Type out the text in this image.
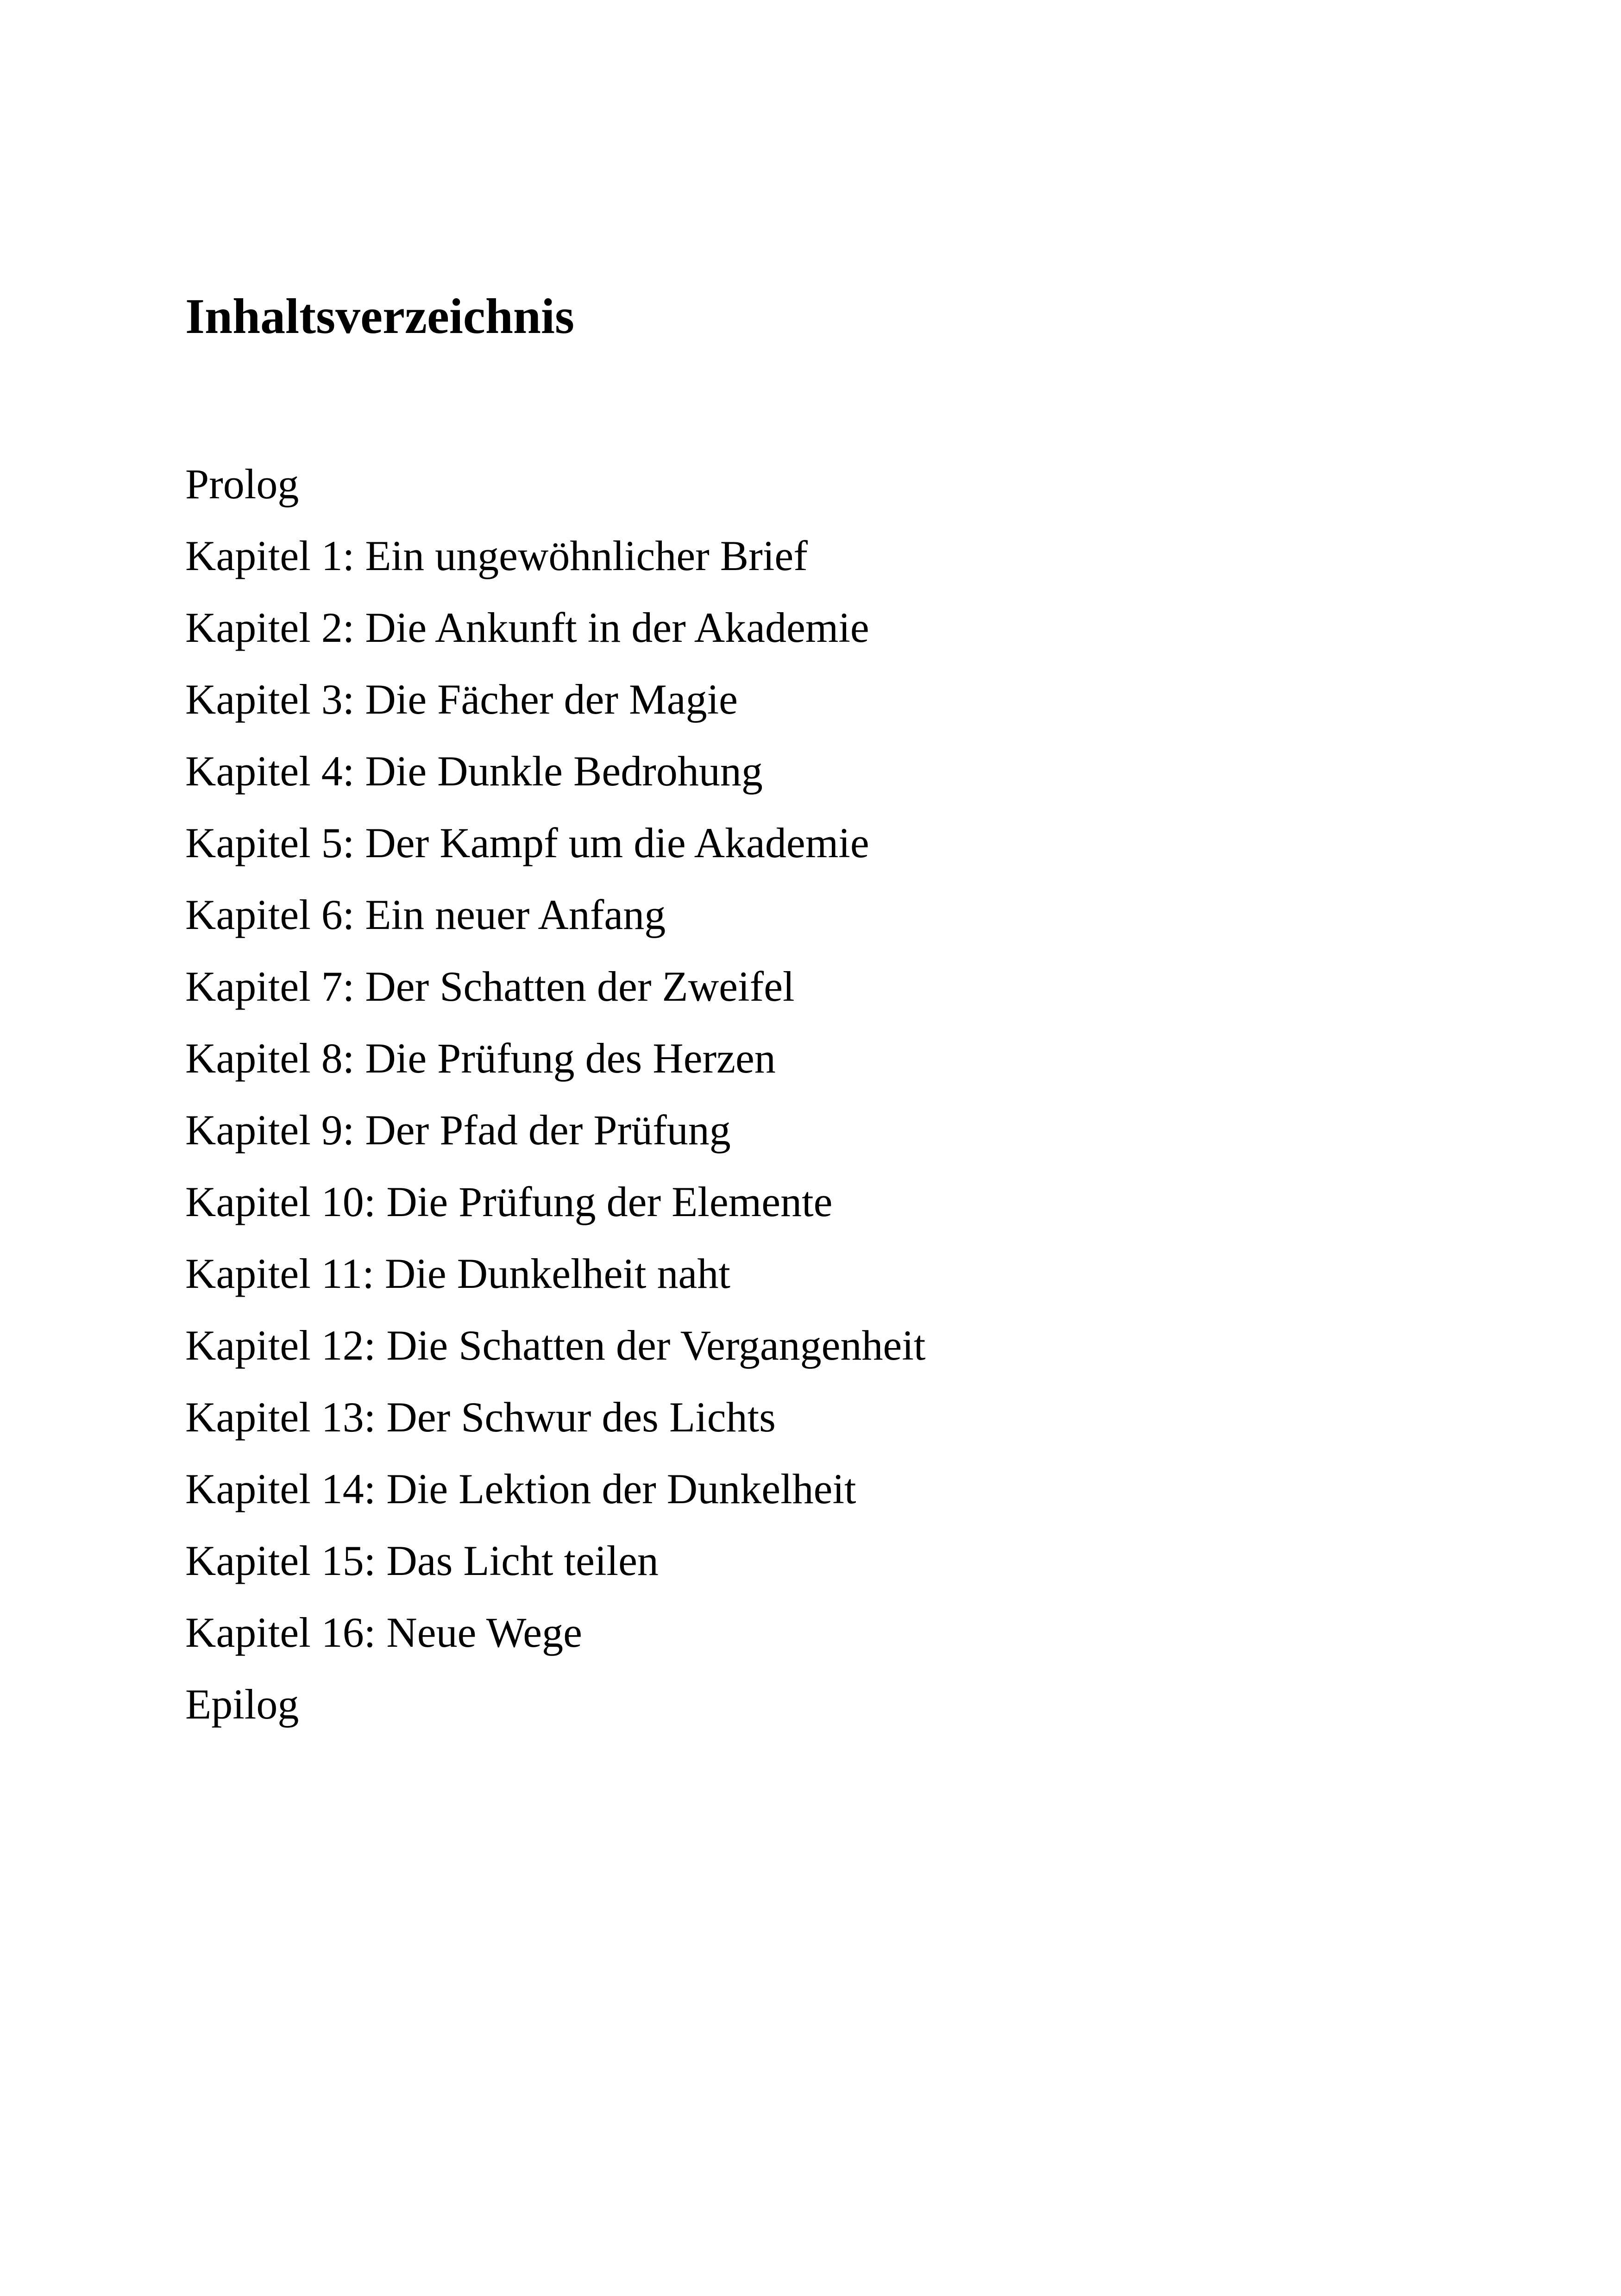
Inhaltsverzeichnis
Prolog
Kapitel 1: Ein ungewöhnlicher Brief
Kapitel 2: Die Ankunft in der Akademie
Kapitel 3: Die Fächer der Magie
Kapitel 4: Die Dunkle Bedrohung
Kapitel 5: Der Kampf um die Akademie
Kapitel 6: Ein neuer Anfang
Kapitel 7: Der Schatten der Zweifel
Kapitel 8: Die Prüfung des Herzen
Kapitel 9: Der Pfad der Prüfung
Kapitel 10: Die Prüfung der Elemente
Kapitel 11: Die Dunkelheit naht
Kapitel 12: Die Schatten der Vergangenheit
Kapitel 13: Der Schwur des Lichts
Kapitel 14: Die Lektion der Dunkelheit
Kapitel 15: Das Licht teilen
Kapitel 16: Neue Wege
Epilog
